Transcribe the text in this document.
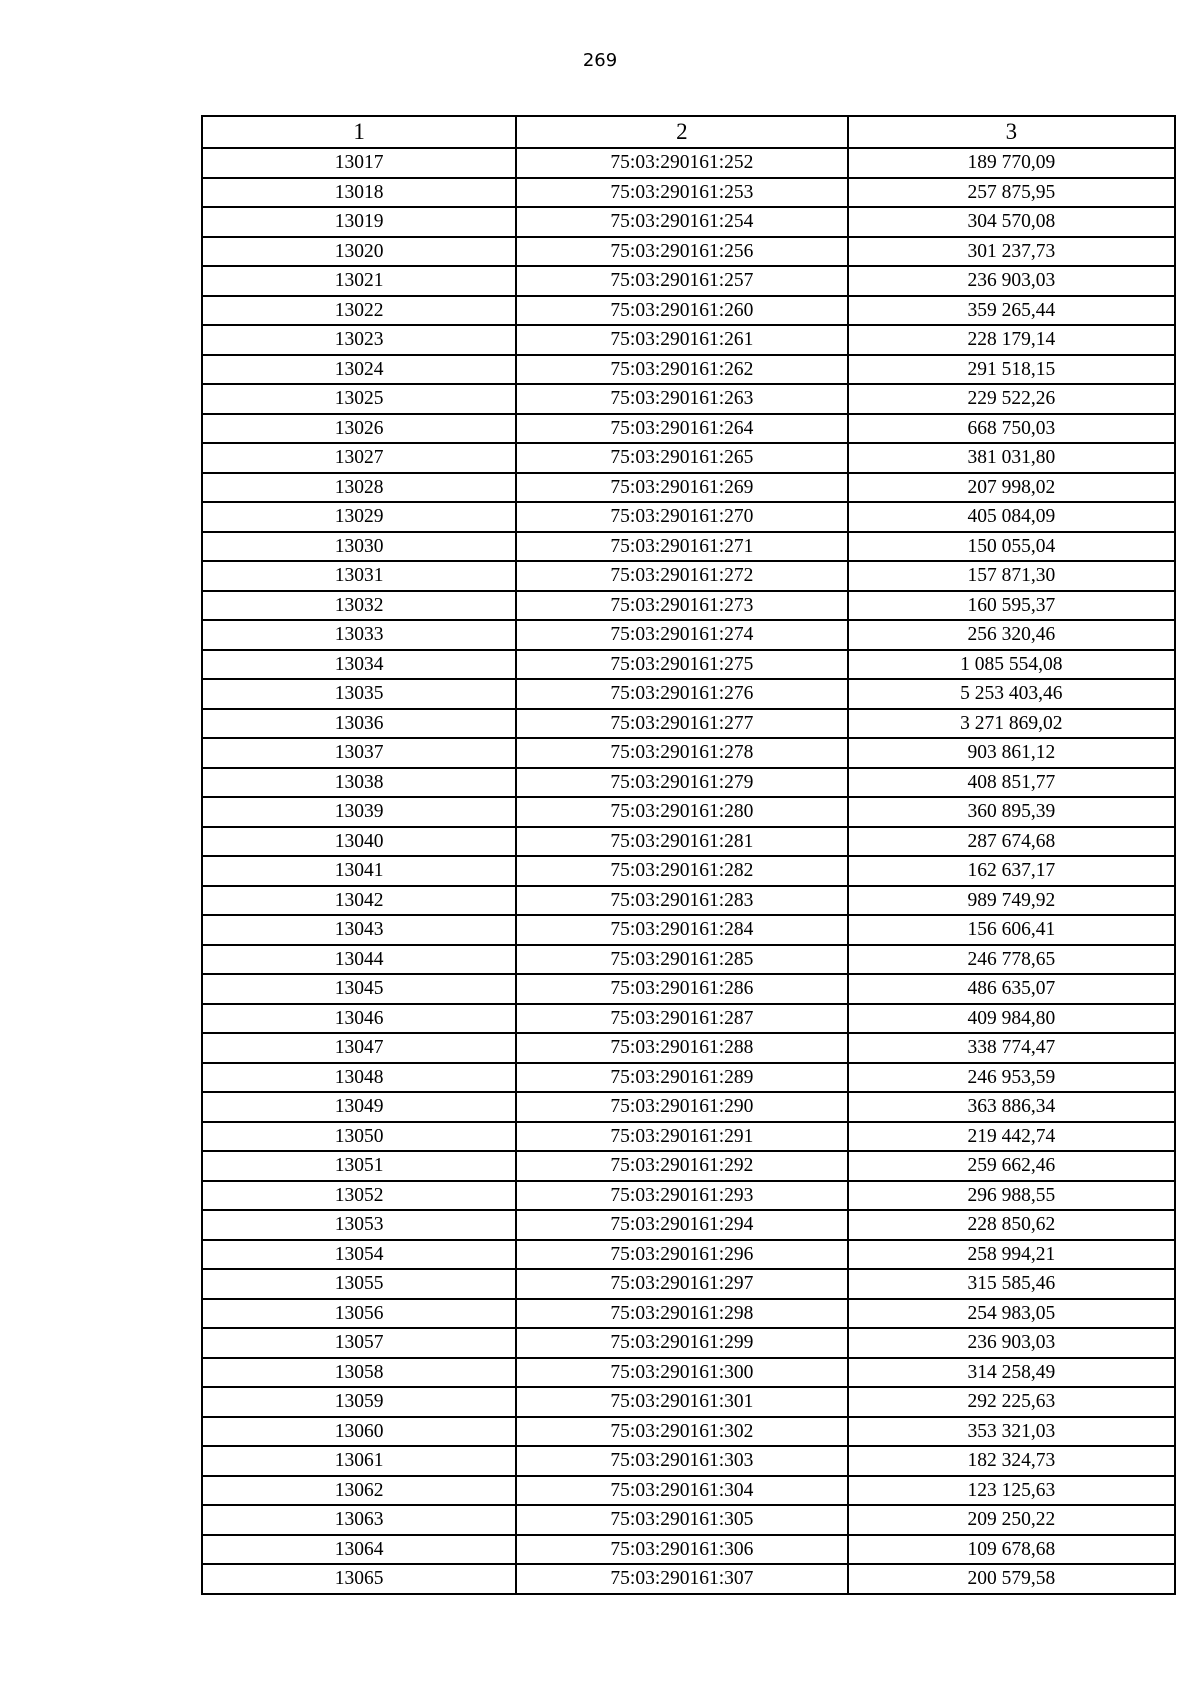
269
1	2	3
13017	75:03:290161:252	189 770,09
13018	75:03:290161:253	257 875,95
13019	75:03:290161:254	304 570,08
13020	75:03:290161:256	301 237,73
13021	75:03:290161:257	236 903,03
13022	75:03:290161:260	359 265,44
13023	75:03:290161:261	228 179,14
13024	75:03:290161:262	291 518,15
13025	75:03:290161:263	229 522,26
13026	75:03:290161:264	668 750,03
13027	75:03:290161:265	381 031,80
13028	75:03:290161:269	207 998,02
13029	75:03:290161:270	405 084,09
13030	75:03:290161:271	150 055,04
13031	75:03:290161:272	157 871,30
13032	75:03:290161:273	160 595,37
13033	75:03:290161:274	256 320,46
13034	75:03:290161:275	1 085 554,08
13035	75:03:290161:276	5 253 403,46
13036	75:03:290161:277	3 271 869,02
13037	75:03:290161:278	903 861,12
13038	75:03:290161:279	408 851,77
13039	75:03:290161:280	360 895,39
13040	75:03:290161:281	287 674,68
13041	75:03:290161:282	162 637,17
13042	75:03:290161:283	989 749,92
13043	75:03:290161:284	156 606,41
13044	75:03:290161:285	246 778,65
13045	75:03:290161:286	486 635,07
13046	75:03:290161:287	409 984,80
13047	75:03:290161:288	338 774,47
13048	75:03:290161:289	246 953,59
13049	75:03:290161:290	363 886,34
13050	75:03:290161:291	219 442,74
13051	75:03:290161:292	259 662,46
13052	75:03:290161:293	296 988,55
13053	75:03:290161:294	228 850,62
13054	75:03:290161:296	258 994,21
13055	75:03:290161:297	315 585,46
13056	75:03:290161:298	254 983,05
13057	75:03:290161:299	236 903,03
13058	75:03:290161:300	314 258,49
13059	75:03:290161:301	292 225,63
13060	75:03:290161:302	353 321,03
13061	75:03:290161:303	182 324,73
13062	75:03:290161:304	123 125,63
13063	75:03:290161:305	209 250,22
13064	75:03:290161:306	109 678,68
13065	75:03:290161:307	200 579,58
